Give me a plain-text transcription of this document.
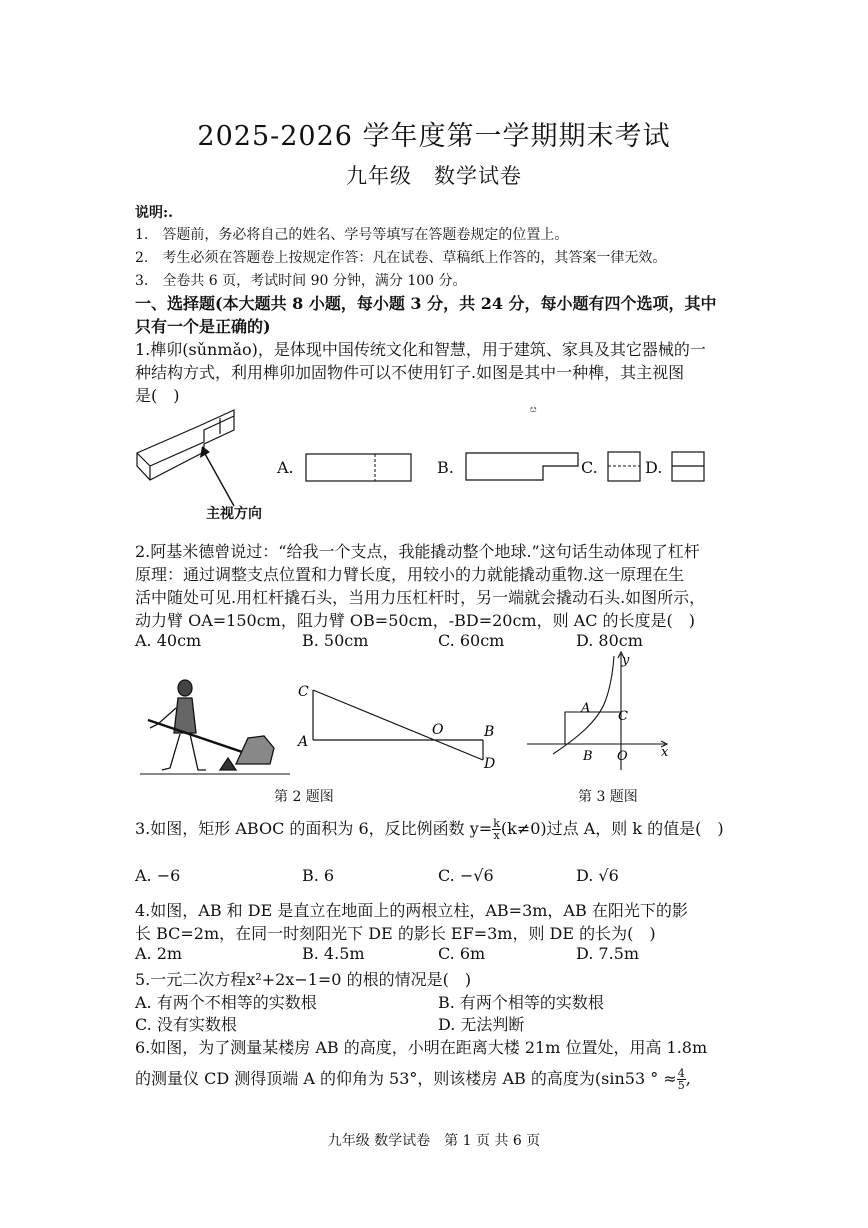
2025-2026 学年度第一学期期末考试
九年级　数学试卷
说明:.
1.　答题前，务必将自己的姓名、学号等填写在答题卷规定的位置上。
2.　考生必须在答题卷上按规定作答：凡在试卷、草稿纸上作答的，其答案一律无效。
3.　全卷共 6 页，考试时间 90 分钟，满分 100 分。
一、选择题(本大题共 8 小题，每小题 3 分，共 24 分，每小题有四个选项，其中
只有一个是正确的)
1.榫卯(sǔnmǎo)，是体现中国传统文化和智慧，用于建筑、家具及其它器械的一
种结构方式，利用榫卯加固物件可以不使用钉子.如图是其中一种榫，其主视图
是(　)
ೞ
主视方向
A.	B.	C.	D.
2.阿基米德曾说过：“给我一个支点，我能撬动整个地球.”这句话生动体现了杠杆
原理：通过调整支点位置和力臂长度，用较小的力就能撬动重物.这一原理在生
活中随处可见.用杠杆撬石头，当用力压杠杆时，另一端就会撬动石头.如图所示，
动力臂 OA=150cm，阻力臂 OB=50cm，-BD=20cm，则 AC 的长度是(　)
A. 40cm	B. 50cm	C. 60cm	D. 80cm
C
A
O	B
D
第 2 题图
y
A
C
B O	x
第 3 题图
3.如图，矩形 ABOC 的面积为 6，反比例函数 $y= \frac{k}{x} (k\ne 0)$过点 A，则 k 的值是(　)
A. −6	B. 6	C. −√6	D. √6
4.如图，AB 和 DE 是直立在地面上的两根立柱，AB=3m，AB 在阳光下的影
长 BC=2m，在同一时刻阳光下 DE 的影长 EF=3m，则 DE 的长为(　)
A. 2m	B. 4.5m	C. 6m	D. 7.5m
5.一元二次方程x²+2x−1=0 的根的情况是(　)
A. 有两个不相等的实数根	B. 有两个相等的实数根
C. 没有实数根	D. 无法判断
6.如图，为了测量某楼房 AB 的高度，小明在距离大楼 21m 位置处，用高 1.8m
的测量仪 CD 测得顶端 A 的仰角为 53°，则该楼房 AB 的高度为(sin53 ° ≈ $\frac{4}{5}$ ,
九年级 数学试卷　第 1 页 共 6 页
